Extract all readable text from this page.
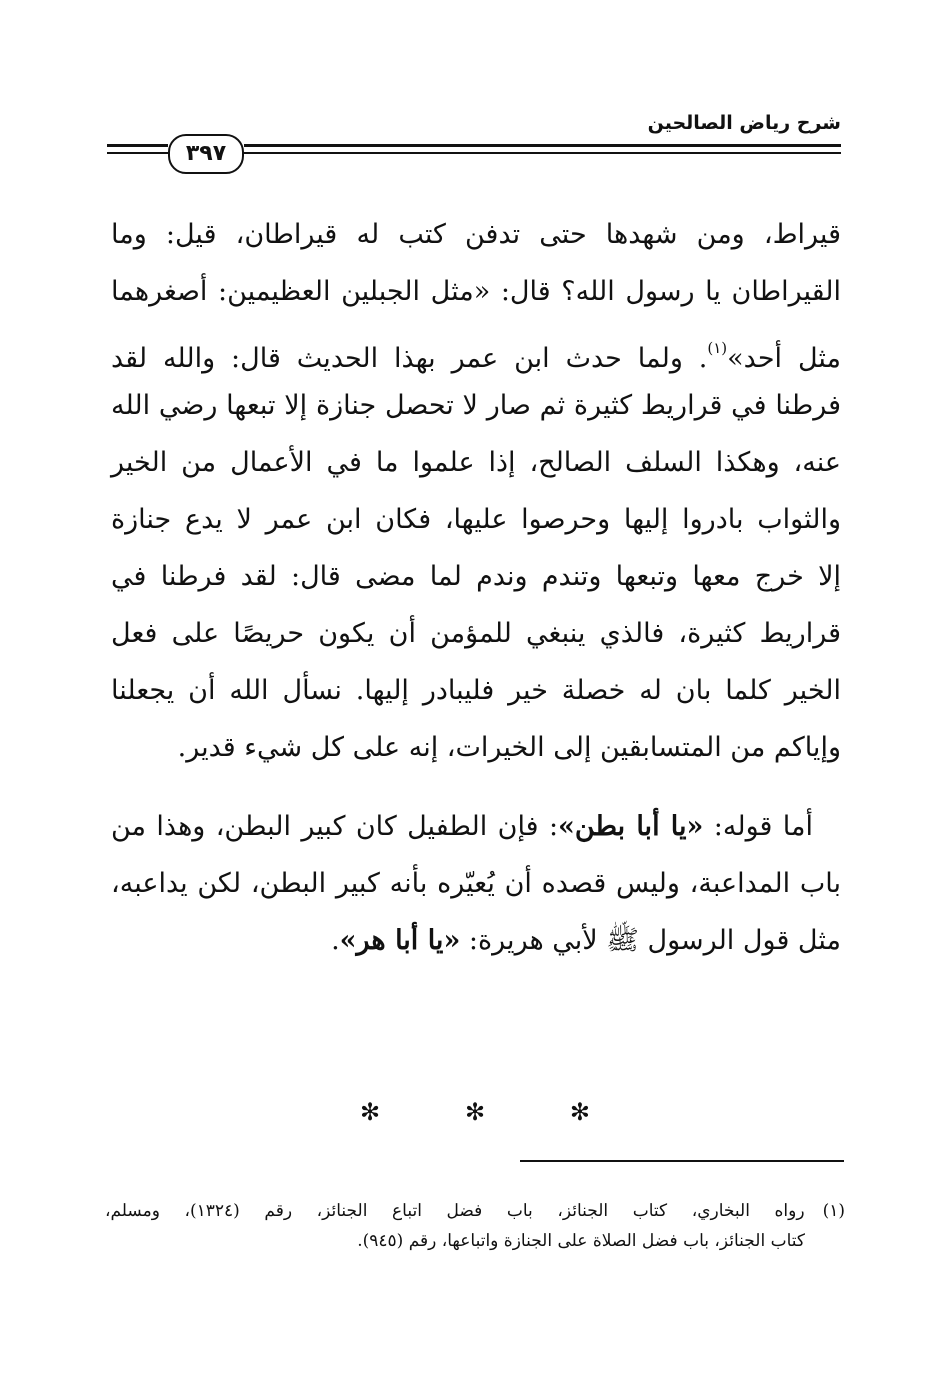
شرح رياض الصالحين
٣٩٧
قيراط، ومن شهدها حتى تدفن كتب له قيراطان، قيل: وما
القيراطان يا رسول الله؟ قال: «مثل الجبلين العظيمين: أصغرهما
مثل أحد»$^{(١)}$. ولما حدث ابن عمر بهذا الحديث قال: والله لقد
فرطنا في قراريط كثيرة ثم صار لا تحصل جنازة إلا تبعها رضي الله
عنه، وهكذا السلف الصالح، إذا علموا ما في الأعمال من الخير
والثواب بادروا إليها وحرصوا عليها، فكان ابن عمر لا يدع جنازة
إلا خرج معها وتبعها وتندم وندم لما مضى قال: لقد فرطنا في
قراريط كثيرة، فالذي ينبغي للمؤمن أن يكون حريصًا على فعل
الخير كلما بان له خصلة خير فليبادر إليها. نسأل الله أن يجعلنا
وإياكم من المتسابقين إلى الخيرات، إنه على كل شيء قدير.
أما قوله: «يا أبا بطن»: فإن الطفيل كان كبير البطن، وهذا من
باب المداعبة، وليس قصده أن يُعيّره بأنه كبير البطن، لكن يداعبه،
مثل قول الرسول ﷺ لأبي هريرة: «يا أبا هر».
✻	✻	✻
(١)رواه البخاري، كتاب الجنائز، باب فضل اتباع الجنائز، رقم (١٣٢٤)، ومسلم،
كتاب الجنائز، باب فضل الصلاة على الجنازة واتباعها، رقم (٩٤٥).
